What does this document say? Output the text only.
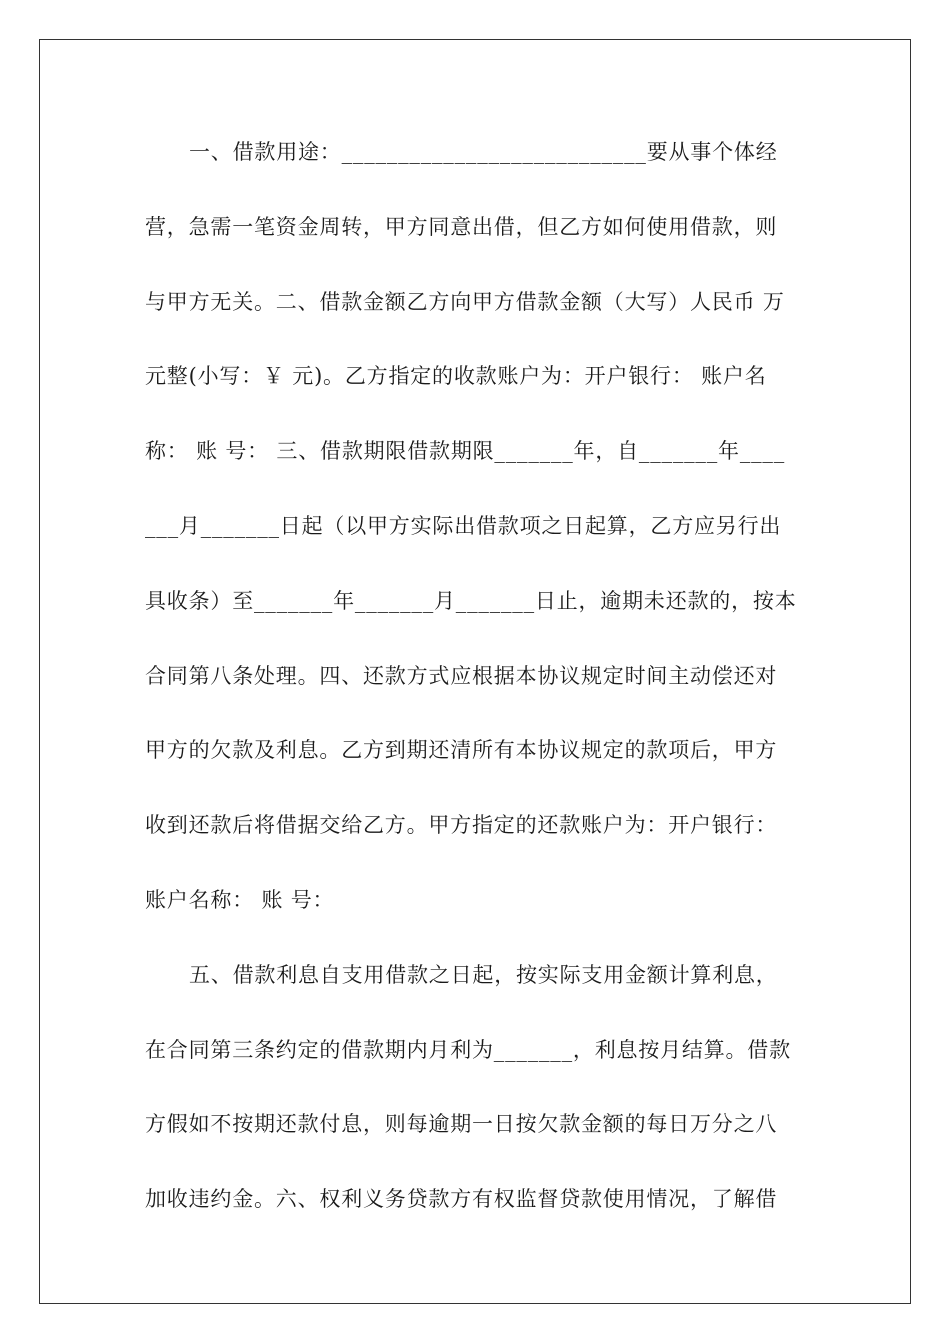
一、借款用途：___________________________要从事个体经
营，急需一笔资金周转，甲方同意出借，但乙方如何使用借款，则
与甲方无关。二、借款金额乙方向甲方借款金额（大写）人民币 万
元整(小写：￥ 元)。乙方指定的收款账户为：开户银行： 账户名
称： 账 号： 三、借款期限借款期限_______年，自_______年____
___月_______日起（以甲方实际出借款项之日起算，乙方应另行出
具收条）至_______年_______月_______日止，逾期未还款的，按本
合同第八条处理。四、还款方式应根据本协议规定时间主动偿还对
甲方的欠款及利息。乙方到期还清所有本协议规定的款项后，甲方
收到还款后将借据交给乙方。甲方指定的还款账户为：开户银行：
账户名称： 账 号：
五、借款利息自支用借款之日起，按实际支用金额计算利息，
在合同第三条约定的借款期内月利为_______，利息按月结算。借款
方假如不按期还款付息，则每逾期一日按欠款金额的每日万分之八
加收违约金。六、权利义务贷款方有权监督贷款使用情况，了解借
